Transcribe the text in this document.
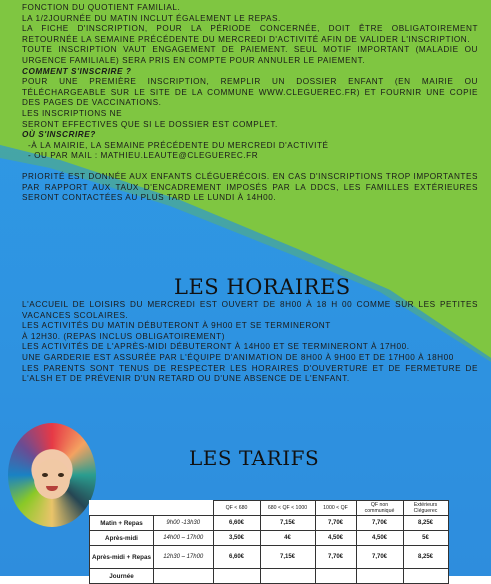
FONCTION DU QUOTIENT FAMILIAL.

LA 1/2JOURNÉE DU MATIN INCLUT ÉGALEMENT LE REPAS.

LA FICHE D'INSCRIPTION, POUR LA PÉRIODE CONCERNÉE, DOIT ÊTRE OBLIGATOIREMENT RETOURNÉE LA SEMAINE PRÉCÉDENTE DU MERCREDI D'ACTIVITÉ AFIN DE VALIDER L'INSCRIPTION.

TOUTE INSCRIPTION VAUT ENGAGEMENT DE PAIEMENT. SEUL MOTIF IMPORTANT (MALADIE OU URGENCE FAMILIALE) SERA PRIS EN COMPTE POUR ANNULER LE PAIEMENT.

COMMENT S'INSCRIRE ?

POUR UNE PREMIÈRE INSCRIPTION, REMPLIR UN DOSSIER ENFANT (EN MAIRIE OU TÉLÉCHARGEABLE SUR LE SITE DE LA COMMUNE WWW.CLEGUEREC.FR) ET FOURNIR UNE COPIE DES PAGES DE VACCINATIONS.

LES INSCRIPTIONS NE

SERONT EFFECTIVES QUE SI LE DOSSIER EST COMPLET.

OÙ S'INSCRIRE?

-À LA MAIRIE, LA SEMAINE PRÉCÉDENTE DU MERCREDI D'ACTIVITÉ

- OU PAR MAIL : MATHIEU.LEAUTE@CLEGUEREC.FR

PRIORITÉ EST DONNÉE AUX ENFANTS CLÉGUERÉCOIS. EN CAS D'INSCRIPTIONS TROP IMPORTANTES PAR RAPPORT AUX TAUX D'ENCADREMENT IMPOSÉS PAR LA DDCS, LES FAMILLES EXTÉRIEURES SERONT CONTACTÉES AU PLUS TARD LE LUNDI À 14H00.

LES HORAIRES

L'ACCUEIL DE LOISIRS DU MERCREDI EST OUVERT DE 8H00 À 18 H 00 COMME SUR LES PETITES VACANCES SCOLAIRES.

LES ACTIVITÉS DU MATIN DÉBUTERONT À 9H00 ET SE TERMINERONT

À 12H30. (REPAS INCLUS OBLIGATOIREMENT)

LES ACTIVITÉS DE L'APRÈS-MIDI DÉBUTERONT À 14H00 ET SE TERMINERONT À 17H00.

UNE GARDERIE EST ASSURÉE PAR L'ÉQUIPE D'ANIMATION DE 8H00 À 9H00 ET DE 17H00 À 18H00

LES PARENTS SONT TENUS DE RESPECTER LES HORAIRES D'OUVERTURE ET DE FERMETURE DE L'ALSH ET DE PRÉVENIR D'UN RETARD OU D'UNE ABSENCE DE L'ENFANT.

LES TARIFS
		QF < 680	680 < QF < 1000	1000 < QF	QF non communiqué	Extérieurs Cléguerec
Matin + Repas	9h00 -13h30	6,60€	7,15€	7,70€	7,70€	8,25€
Après-midi	14h00 – 17h00	3,50€	4€	4,50€	4,50€	5€
Après-midi + Repas	12h30 – 17h00	6,60€	7,15€	7,70€	7,70€	8,25€
Journée						
